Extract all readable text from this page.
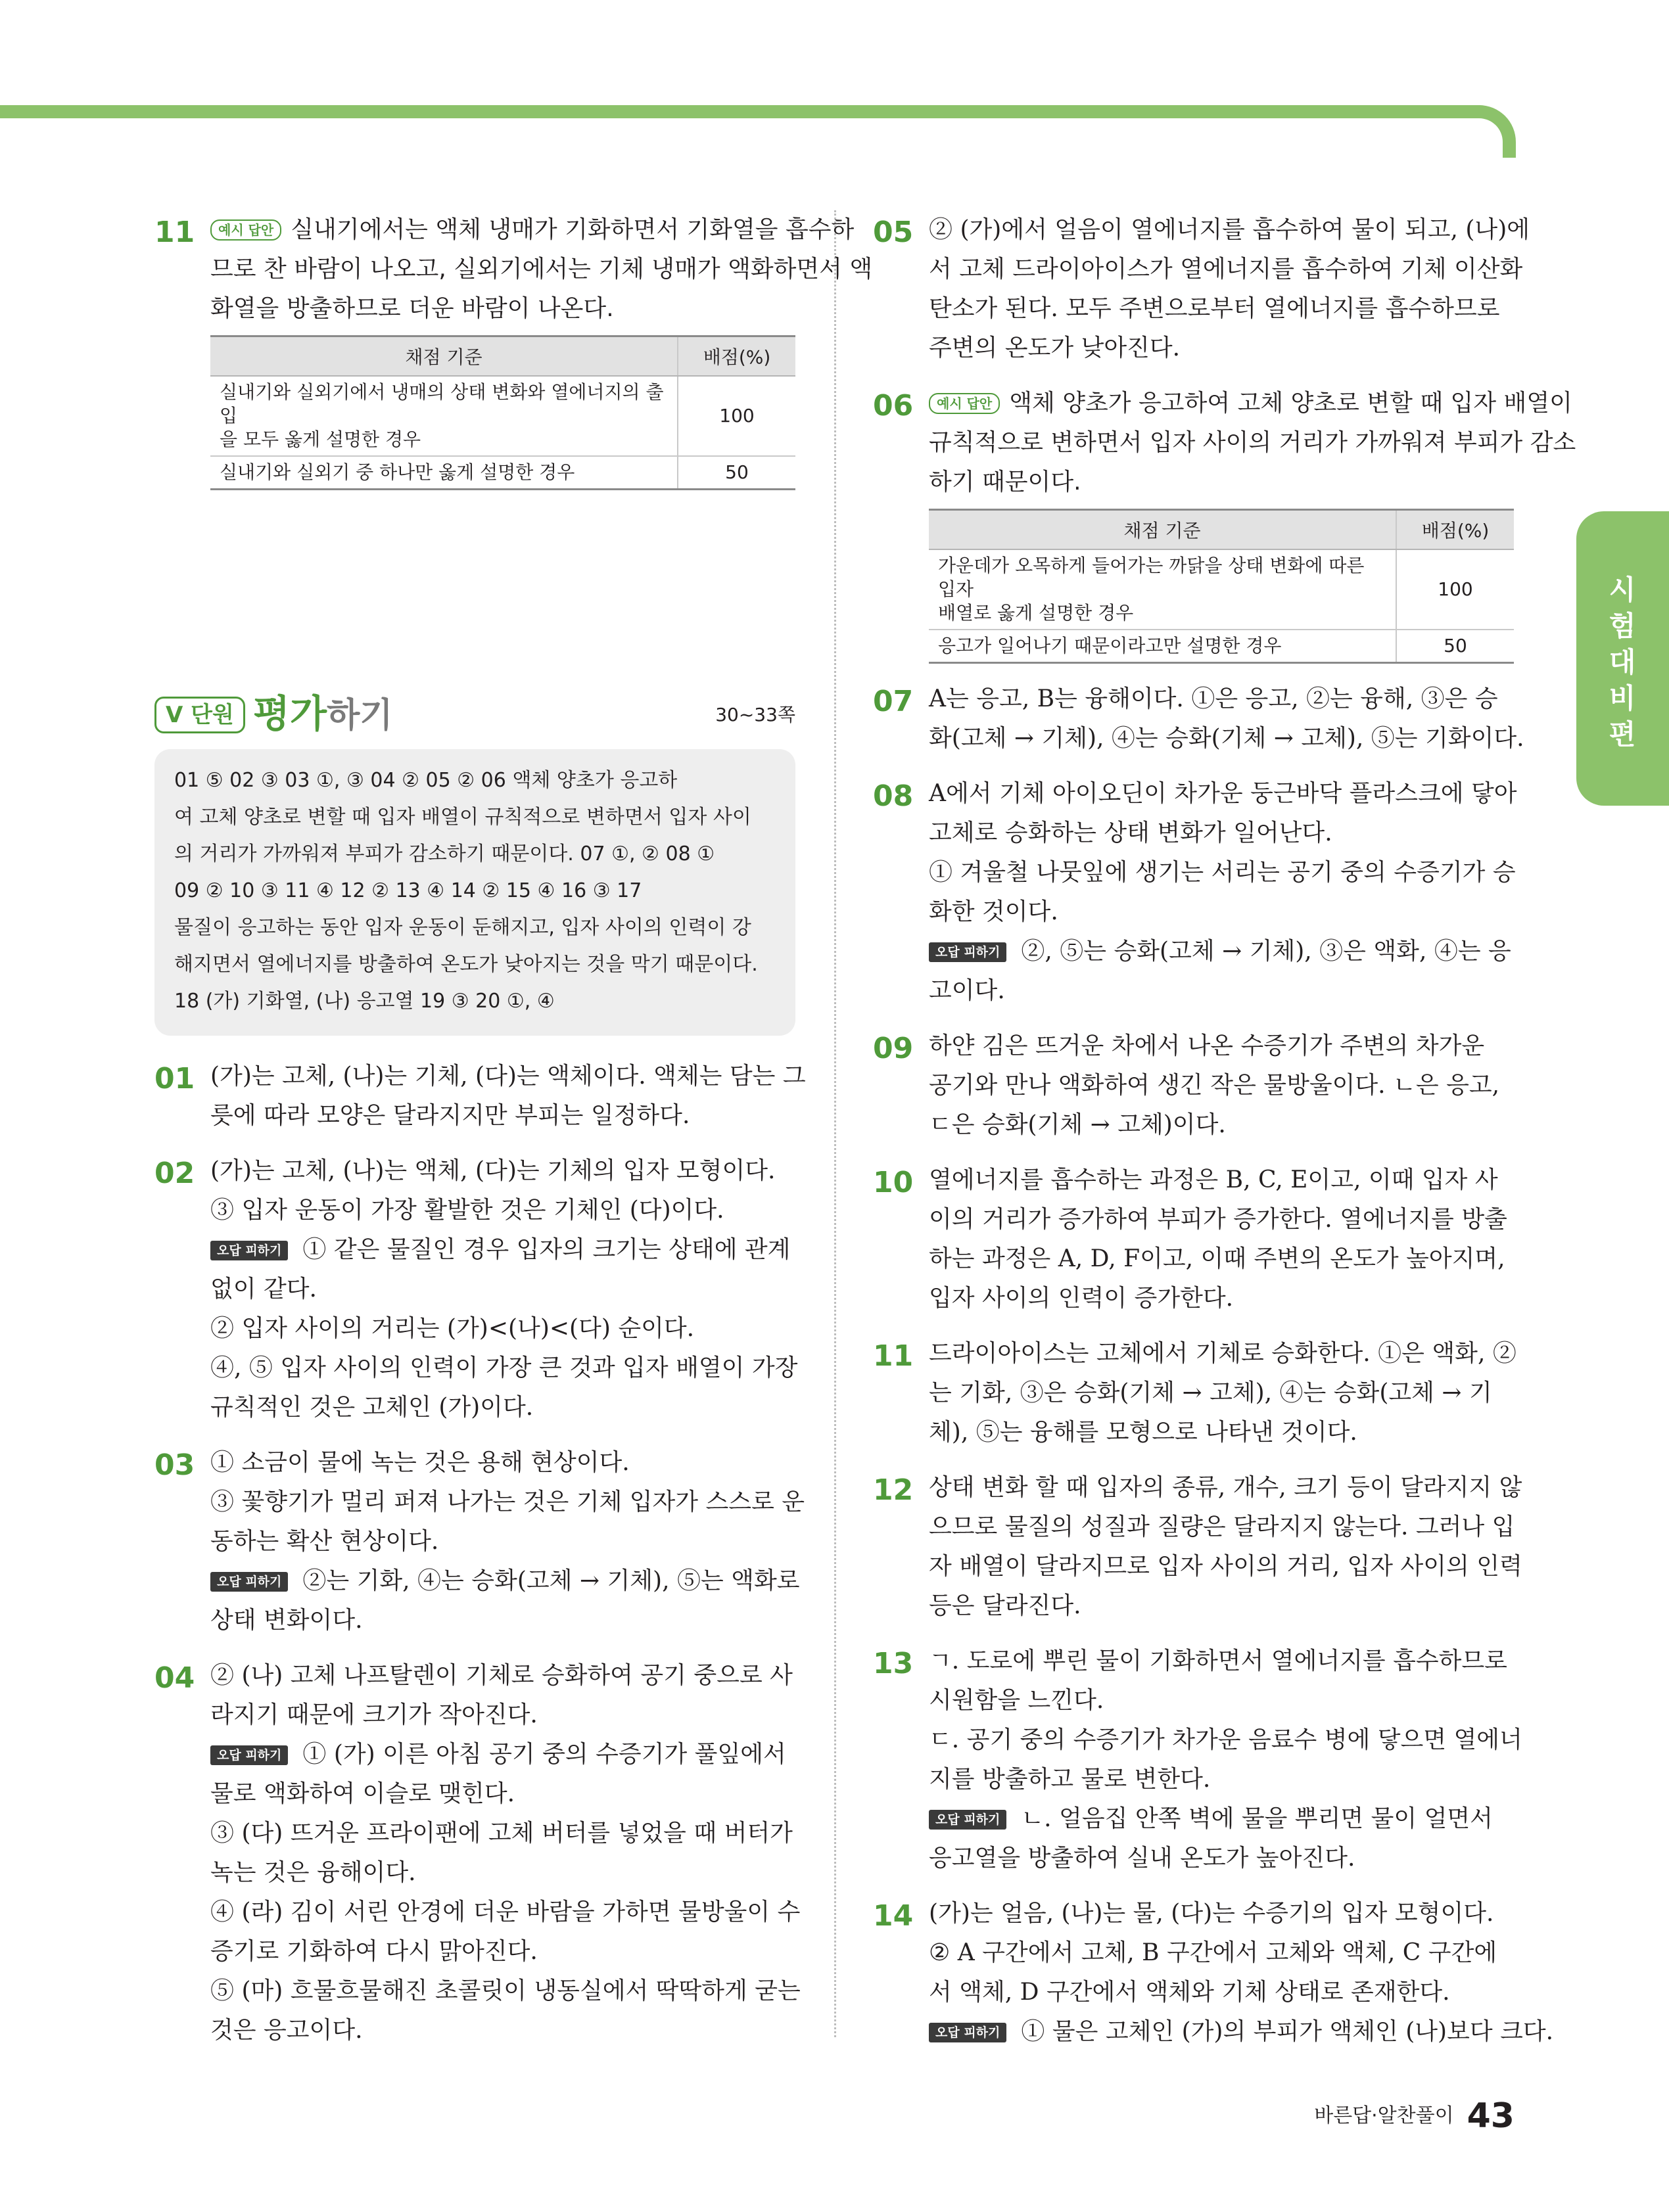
11	예시 답안 실내기에서는 액체 냉매가 기화하면서 기화열을 흡수하
므로 찬 바람이 나오고, 실외기에서는 기체 냉매가 액화하면서 액
화열을 방출하므로 더운 바람이 나온다.
채점 기준	배점(%)
실내기와 실외기에서 냉매의 상태 변화와 열에너지의 출입
을 모두 옳게 설명한 경우	100
실내기와 실외기 중 하나만 옳게 설명한 경우	50
V 단원 평가하기	30~33쪽
01 ⑤ 02 ③ 03 ①, ③ 04 ② 05 ② 06 액체 양초가 응고하
여 고체 양초로 변할 때 입자 배열이 규칙적으로 변하면서 입자 사이
의 거리가 가까워져 부피가 감소하기 때문이다. 07 ①, ② 08 ①
09 ② 10 ③ 11 ④ 12 ② 13 ④ 14 ② 15 ④ 16 ③ 17
물질이 응고하는 동안 입자 운동이 둔해지고, 입자 사이의 인력이 강
해지면서 열에너지를 방출하여 온도가 낮아지는 것을 막기 때문이다.
18 (가) 기화열, (나) 응고열 19 ③ 20 ①, ④
01 (가)는 고체, (나)는 기체, (다)는 액체이다. 액체는 담는 그
릇에 따라 모양은 달라지지만 부피는 일정하다.
02 (가)는 고체, (나)는 액체, (다)는 기체의 입자 모형이다.
③ 입자 운동이 가장 활발한 것은 기체인 (다)이다.
오답 피하기 ① 같은 물질인 경우 입자의 크기는 상태에 관계
없이 같다.
② 입자 사이의 거리는 (가)<(나)<(다) 순이다.
④, ⑤ 입자 사이의 인력이 가장 큰 것과 입자 배열이 가장
규칙적인 것은 고체인 (가)이다.
03 ① 소금이 물에 녹는 것은 용해 현상이다.
③ 꽃향기가 멀리 퍼져 나가는 것은 기체 입자가 스스로 운
동하는 확산 현상이다.
오답 피하기 ②는 기화, ④는 승화(고체 → 기체), ⑤는 액화로
상태 변화이다.
04 ② (나) 고체 나프탈렌이 기체로 승화하여 공기 중으로 사
라지기 때문에 크기가 작아진다.
오답 피하기 ① (가) 이른 아침 공기 중의 수증기가 풀잎에서
물로 액화하여 이슬로 맺힌다.
③ (다) 뜨거운 프라이팬에 고체 버터를 넣었을 때 버터가
녹는 것은 융해이다.
④ (라) 김이 서린 안경에 더운 바람을 가하면 물방울이 수
증기로 기화하여 다시 맑아진다.
⑤ (마) 흐물흐물해진 초콜릿이 냉동실에서 딱딱하게 굳는
것은 응고이다.
05 ② (가)에서 얼음이 열에너지를 흡수하여 물이 되고, (나)에
서 고체 드라이아이스가 열에너지를 흡수하여 기체 이산화
탄소가 된다. 모두 주변으로부터 열에너지를 흡수하므로
주변의 온도가 낮아진다.
06	예시 답안 액체 양초가 응고하여 고체 양초로 변할 때 입자 배열이
규칙적으로 변하면서 입자 사이의 거리가 가까워져 부피가 감소
하기 때문이다.
채점 기준	배점(%)
가운데가 오목하게 들어가는 까닭을 상태 변화에 따른 입자
배열로 옳게 설명한 경우	100
응고가 일어나기 때문이라고만 설명한 경우	50
07 A는 응고, B는 융해이다. ①은 응고, ②는 융해, ③은 승
화(고체 → 기체), ④는 승화(기체 → 고체), ⑤는 기화이다.
08 A에서 기체 아이오딘이 차가운 둥근바닥 플라스크에 닿아
고체로 승화하는 상태 변화가 일어난다.
① 겨울철 나뭇잎에 생기는 서리는 공기 중의 수증기가 승
화한 것이다.
오답 피하기 ②, ⑤는 승화(고체 → 기체), ③은 액화, ④는 응
고이다.
09 하얀 김은 뜨거운 차에서 나온 수증기가 주변의 차가운
공기와 만나 액화하여 생긴 작은 물방울이다. ㄴ은 응고,
ㄷ은 승화(기체 → 고체)이다.
10 열에너지를 흡수하는 과정은 B, C, E이고, 이때 입자 사
이의 거리가 증가하여 부피가 증가한다. 열에너지를 방출
하는 과정은 A, D, F이고, 이때 주변의 온도가 높아지며,
입자 사이의 인력이 증가한다.
11 드라이아이스는 고체에서 기체로 승화한다. ①은 액화, ②
는 기화, ③은 승화(기체 → 고체), ④는 승화(고체 → 기
체), ⑤는 융해를 모형으로 나타낸 것이다.
12 상태 변화 할 때 입자의 종류, 개수, 크기 등이 달라지지 않
으므로 물질의 성질과 질량은 달라지지 않는다. 그러나 입
자 배열이 달라지므로 입자 사이의 거리, 입자 사이의 인력
등은 달라진다.
13 ㄱ. 도로에 뿌린 물이 기화하면서 열에너지를 흡수하므로
시원함을 느낀다.
ㄷ. 공기 중의 수증기가 차가운 음료수 병에 닿으면 열에너
지를 방출하고 물로 변한다.
오답 피하기 ㄴ. 얼음집 안쪽 벽에 물을 뿌리면 물이 얼면서
응고열을 방출하여 실내 온도가 높아진다.
14 (가)는 얼음, (나)는 물, (다)는 수증기의 입자 모형이다.
② A 구간에서 고체, B 구간에서 고체와 액체, C 구간에
서 액체, D 구간에서 액체와 기체 상태로 존재한다.
오답 피하기 ① 물은 고체인 (가)의 부피가 액체인 (나)보다 크다.
시
험
대
비
편
바른답·알찬풀이 43
